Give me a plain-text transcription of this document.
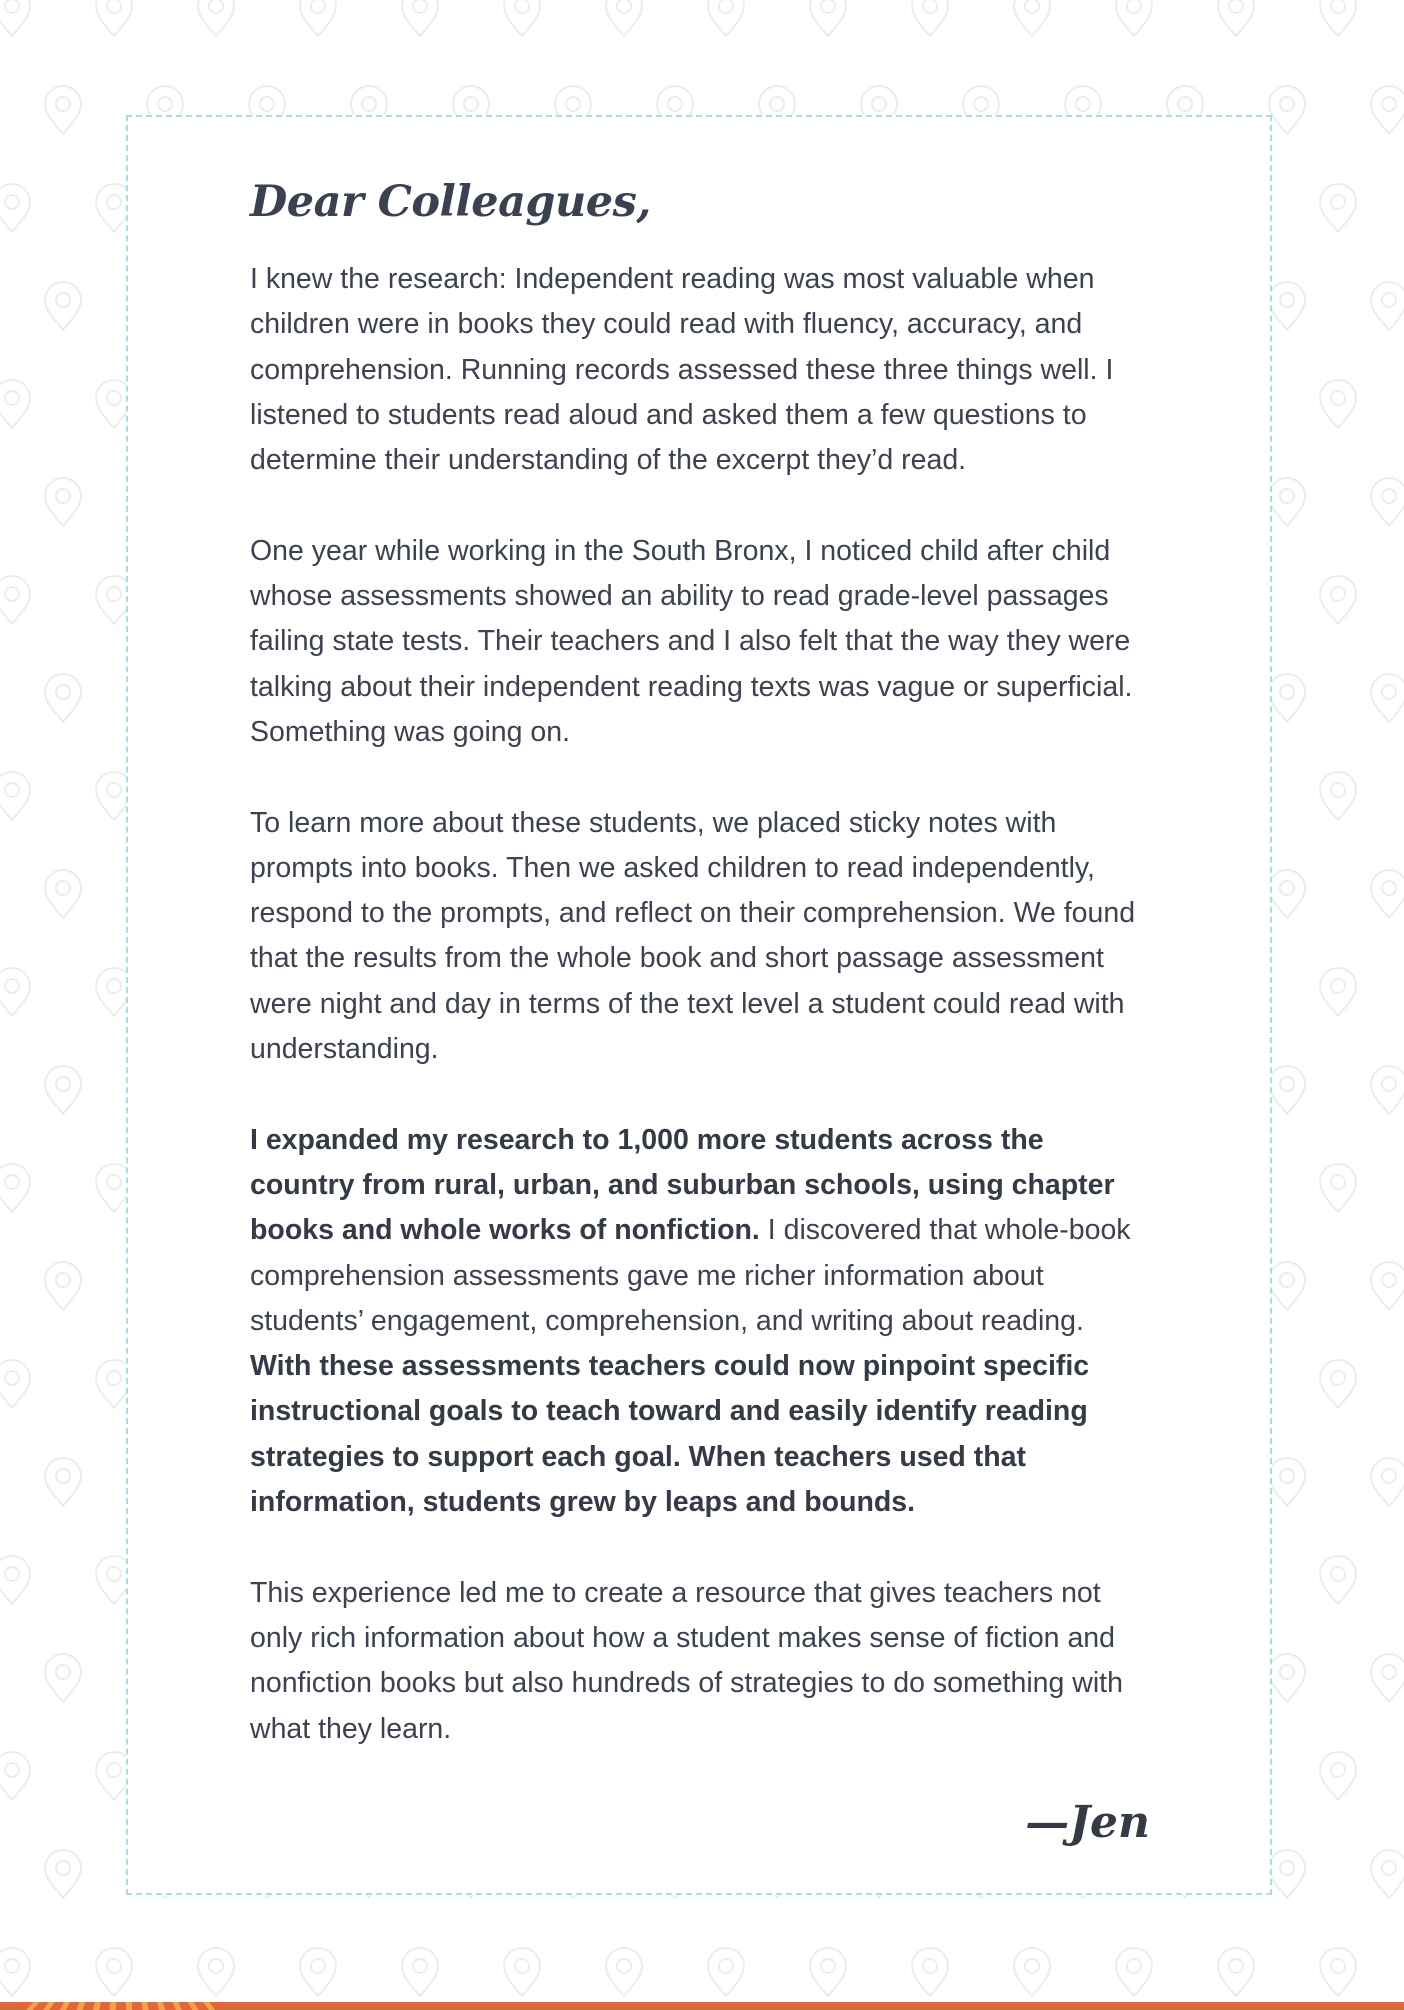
Dear Colleagues,

I knew the research: Independent reading was most valuable when children were in books they could read with fluency, accuracy, and comprehension. Running records assessed these three things well. I listened to students read aloud and asked them a few questions to determine their understanding of the excerpt they’d read.

One year while working in the South Bronx, I noticed child after child whose assessments showed an ability to read grade-level passages failing state tests. Their teachers and I also felt that the way they were talking about their independent reading texts was vague or superficial. Something was going on.

To learn more about these students, we placed sticky notes with prompts into books. Then we asked children to read independently, respond to the prompts, and reflect on their comprehension. We found that the results from the whole book and short passage assessment were night and day in terms of the text level a student could read with understanding.

I expanded my research to 1,000 more students across the country from rural, urban, and suburban schools, using chapter books and whole works of nonfiction. I discovered that whole-book comprehension assessments gave me richer information about students’ engagement, comprehension, and writing about reading. With these assessments teachers could now pinpoint specific instructional goals to teach toward and easily identify reading strategies to support each goal. When teachers used that information, students grew by leaps and bounds.

This experience led me to create a resource that gives teachers not only rich information about how a student makes sense of fiction and nonfiction books but also hundreds of strategies to do something with what they learn.

—Jen
